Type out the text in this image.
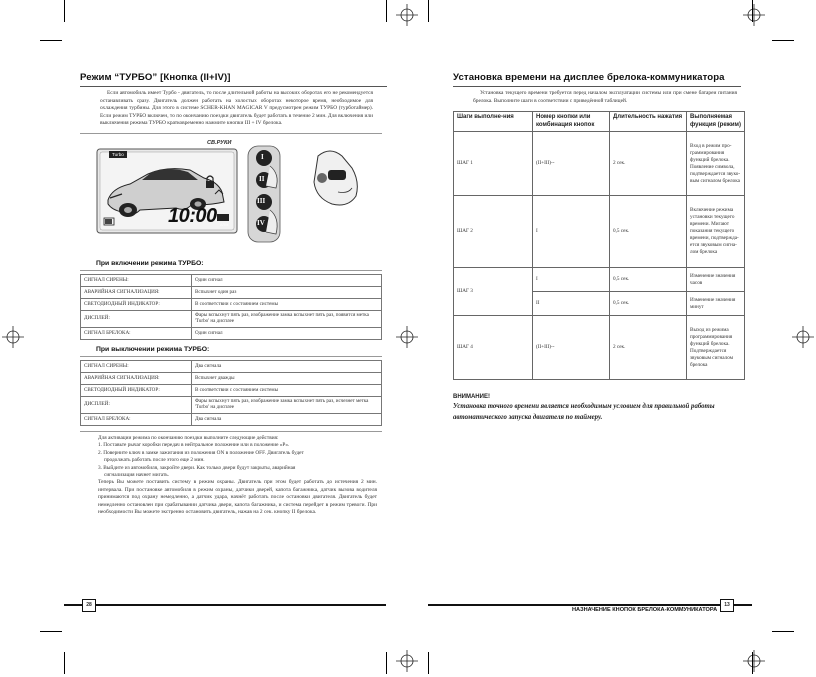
Режим “ТУРБО” [Кнопка (II+IV)]
Если автомобиль имеет Турбо - двигатель, то после длительной работы на высоких оборотах его не рекомендуется останавливать сразу. Двигатель должен работать на холостых оборотах некоторое время, необходимое для охлаждения турбины. Для этого в системе SCHER-KHAN MAGICAR V предусмотрен режим ТУРБО (турботаймер). Если режим ТУРБО включен, то по окончанию поездки двигатель будет работать в течение 2 мин. Для включения или выключения режима ТУРБО кратковременно нажмите кнопки III + IV брелока.
СВ.РУКИ
Turbo
10:00 ARM
I
II
III
IV
При включении режима ТУРБО:
СИГНАЛ СИРЕНЫ:	Один сигнал
АВАРИЙНАЯ СИГНАЛИЗАЦИЯ:	Вспыхнет один раз
СВЕТОДИОДНЫЙ ИНДИКАТОР:	В соответствии с состоянием системы
ДИСПЛЕЙ:	Фары вспыхнут пять раз, изображение замка вспыхнет пять раз, появится метка 'Turbo' на дисплее
СИГНАЛ БРЕЛОКА:	Один сигнал
При выключении режима ТУРБО:
СИГНАЛ СИРЕНЫ:	Два сигнала
АВАРИЙНАЯ СИГНАЛИЗАЦИЯ:	Вспыхнет дважды
СВЕТОДИОДНЫЙ ИНДИКАТОР:	В соответствии с состоянием системы
ДИСПЛЕЙ:	Фары вспыхнут пять раз, изображение замка вспыхнет пять раз, исчезнет метка 'Turbo' на дисплее
СИГНАЛ БРЕЛОКА:	Два сигнала
Для активации режима по окончанию поездки выполните следующие действия:
1. Поставьте рычаг коробки передач в нейтральное положение или в положение «P».
2. Поверните ключ в замке зажигания из положения ON в положение OFF. Двигатель будет
продолжать работать после этого еще 2 мин.
3. Выйдите из автомобиля, закройте двери. Как только двери будут закрыты, аварийная
сигнализация начнет мигать.
Теперь Вы можете поставить систему в режим охраны. Двигатель при этом будет работать до истечения 2 мин. интервала. При постановке автомобиля в режим охраны, датчики дверей, капота багажника, датчик вызова водителя принимаются под охрану немедленно, а датчик удара, начнёт работать после остановки двигателя. Двигатель будет немедленно остановлен при срабатывании датчика двери, капота багажника, и система перейдет в режим тревоги. При необходимости Вы можете экстренно остановить двигатель, нажав на 2 сек. кнопку II брелока.
28
Установка времени на дисплее брелока-коммуникатора
Установка текущего времени требуется перед началом эксплуатации системы или при смене батареи питания брелока. Выполните шаги в соответствии с приведённой таблицей.
Шаги выполне-ния	Номер кнопки или комбинация кнопок	Длительность нажатия	Выполняемая функция (режим)
ШАГ 1	(II+III)--	2 сек.	Вход в режим про-граммирования функций брелока. Появление символа, подтверждается звуко-вым сигналом брелока
ШАГ 2	I	0,5 сек.	Включение режима установки текущего времени. Мигают показания текущего времени, подтвержда-ется звуковым сигна-лом брелока
ШАГ 3	I	0,5 сек.	Изменение значения часов
	II	0,5 сек.	Изменение значения минут
ШАГ 4	(II+III)--	2 сек.	Выход из режима программирования функций брелока. Подтверждается звуковым сигналом брелока
ВНИМАНИЕ!
Установка точного времени является необходимым условием для правильной работы автоматического запуска двигателя по таймеру.
НАЗНАЧЕНИЕ КНОПОК БРЕЛОКА-КОММУНИКАТОРА
13
